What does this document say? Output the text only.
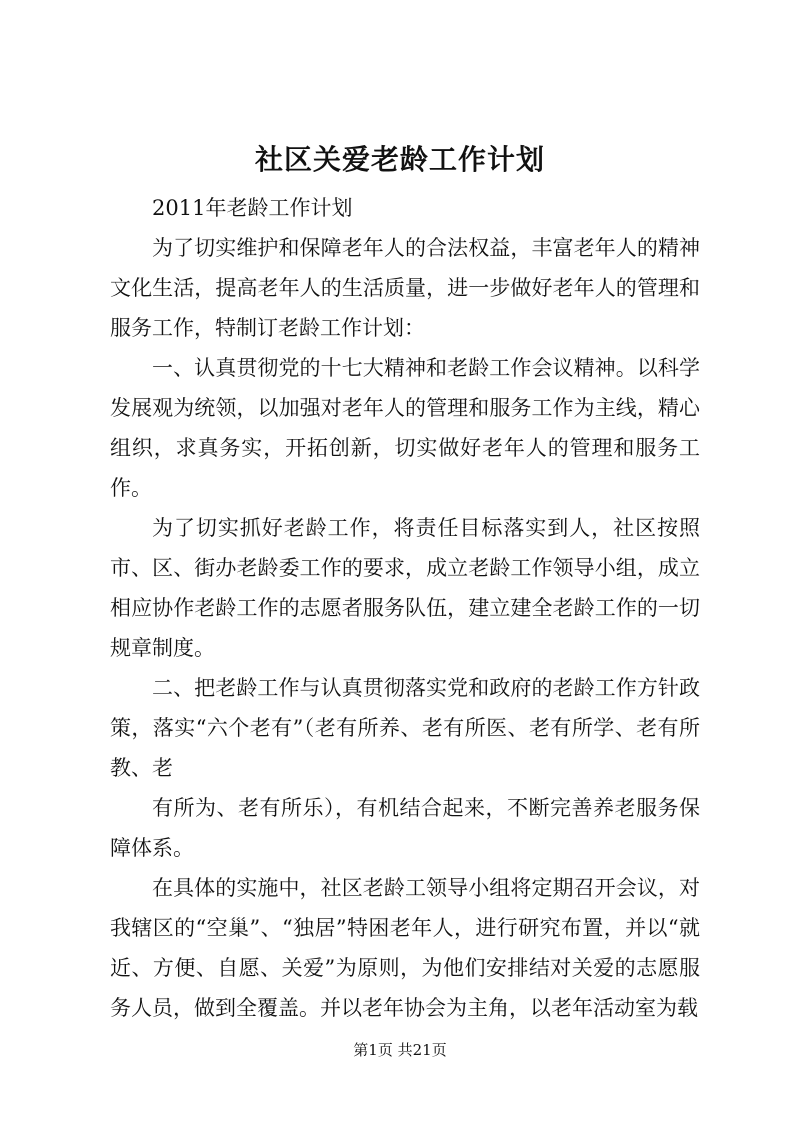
社区关爱老龄工作计划

2011年老龄工作计划

为了切实维护和保障老年人的合法权益，丰富老年人的精神文化生活，提高老年人的生活质量，进一步做好老年人的管理和服务工作，特制订老龄工作计划：

一、认真贯彻党的十七大精神和老龄工作会议精神。以科学发展观为统领，以加强对老年人的管理和服务工作为主线，精心组织，求真务实，开拓创新，切实做好老年人的管理和服务工作。

为了切实抓好老龄工作，将责任目标落实到人，社区按照市、区、街办老龄委工作的要求，成立老龄工作领导小组，成立相应协作老龄工作的志愿者服务队伍，建立建全老龄工作的一切规章制度。

二、把老龄工作与认真贯彻落实党和政府的老龄工作方针政策，落实“六个老有”（老有所养、老有所医、老有所学、老有所教、老

有所为、老有所乐），有机结合起来，不断完善养老服务保障体系。

在具体的实施中，社区老龄工领导小组将定期召开会议，对我辖区的“空巢”、“独居”特困老年人，进行研究布置，并以“就近、方便、自愿、关爱”为原则，为他们安排结对关爱的志愿服务人员，做到全覆盖。并以老年协会为主角，以老年活动室为载

第1页 共21页
